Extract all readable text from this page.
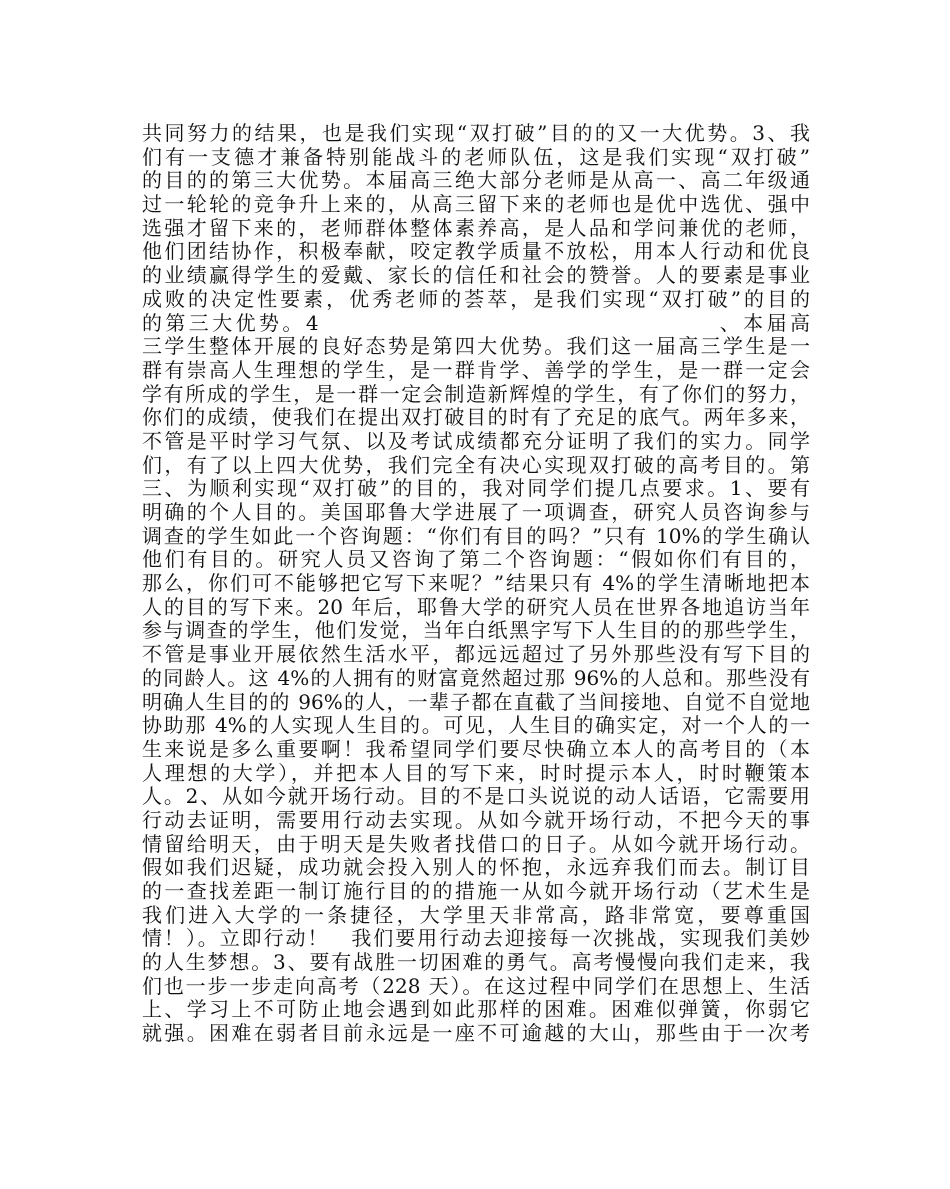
共同努力的结果，也是我们实现“双打破”目的的又一大优势。3、我
们有一支德才兼备特别能战斗的老师队伍，这是我们实现“双打破”
的目的的第三大优势。本届高三绝大部分老师是从高一、高二年级通
过一轮轮的竞争升上来的，从高三留下来的老师也是优中选优、强中
选强才留下来的，老师群体整体素养高，是人品和学问兼优的老师，
他们团结协作，积极奉献，咬定教学质量不放松，用本人行动和优良
的业绩赢得学生的爱戴、家长的信任和社会的赞誉。人的要素是事业
成败的决定性要素，优秀老师的荟萃，是我们实现“双打破”的目的
的第三大优势。4　　　　　　　　　　　　　　　　　、本届高
三学生整体开展的良好态势是第四大优势。我们这一届高三学生是一
群有崇高人生理想的学生，是一群肯学、善学的学生，是一群一定会
学有所成的学生，是一群一定会制造新辉煌的学生，有了你们的努力，
你们的成绩，使我们在提出双打破目的时有了充足的底气。两年多来，
不管是平时学习气氛、以及考试成绩都充分证明了我们的实力。同学
们，有了以上四大优势，我们完全有决心实现双打破的高考目的。第
三、为顺利实现“双打破”的目的，我对同学们提几点要求。1、要有
明确的个人目的。美国耶鲁大学进展了一项调查，研究人员咨询参与
调查的学生如此一个咨询题：“你们有目的吗？”只有 10%的学生确认
他们有目的。研究人员又咨询了第二个咨询题：“假如你们有目的，
那么，你们可不能够把它写下来呢？”结果只有 4%的学生清晰地把本
人的目的写下来。20 年后，耶鲁大学的研究人员在世界各地追访当年
参与调查的学生，他们发觉，当年白纸黑字写下人生目的的那些学生，
不管是事业开展依然生活水平，都远远超过了另外那些没有写下目的
的同龄人。这 4%的人拥有的财富竟然超过那 96%的人总和。那些没有
明确人生目的的 96%的人，一辈子都在直截了当间接地、自觉不自觉地
协助那 4%的人实现人生目的。可见，人生目的确实定，对一个人的一
生来说是多么重要啊！我希望同学们要尽快确立本人的高考目的（本
人理想的大学），并把本人目的写下来，时时提示本人，时时鞭策本
人。2、从如今就开场行动。目的不是口头说说的动人话语，它需要用
行动去证明，需要用行动去实现。从如今就开场行动，不把今天的事
情留给明天，由于明天是失败者找借口的日子。从如今就开场行动。
假如我们迟疑，成功就会投入别人的怀抱，永远弃我们而去。制订目
的一查找差距一制订施行目的的措施一从如今就开场行动（艺术生是
我们进入大学的一条捷径，大学里天非常高，路非常宽，要尊重国
情！）。立即行动！　我们要用行动去迎接每一次挑战，实现我们美妙
的人生梦想。3、要有战胜一切困难的勇气。高考慢慢向我们走来，我
们也一步一步走向高考（228 天）。在这过程中同学们在思想上、生活
上、学习上不可防止地会遇到如此那样的困难。困难似弹簧，你弱它
就强。困难在弱者目前永远是一座不可逾越的大山，那些由于一次考
